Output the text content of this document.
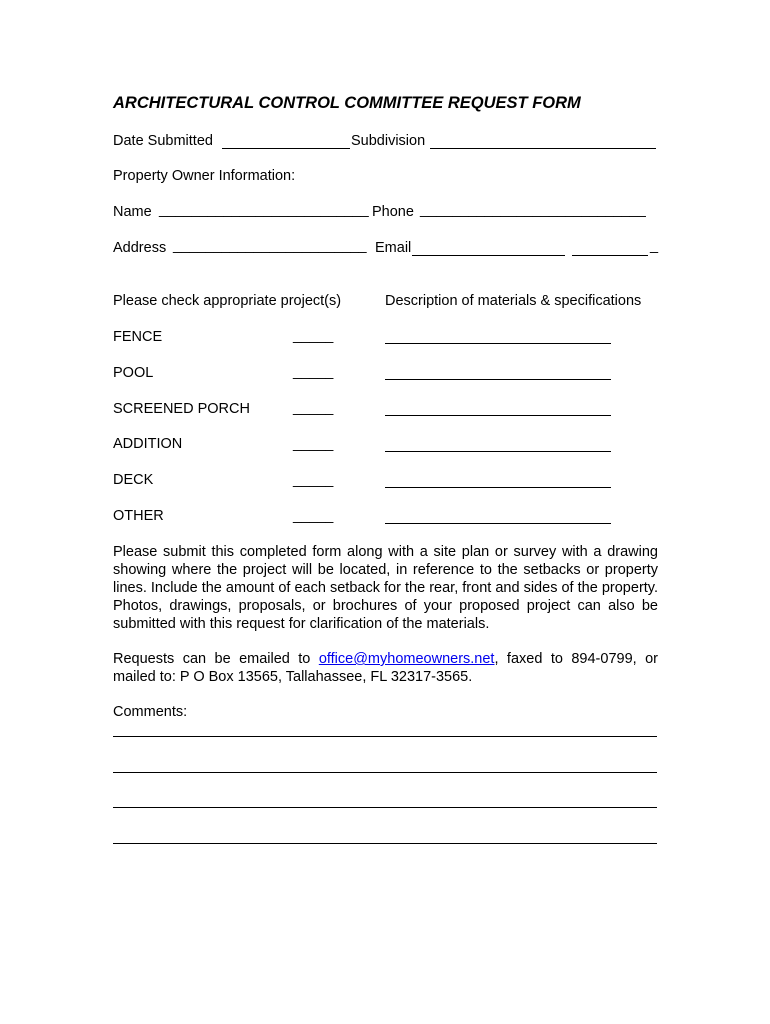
ARCHITECTURAL CONTROL COMMITTEE REQUEST FORM
Date Submitted	Subdivision
Property Owner Information:
Name __________________________ Phone ____________________________
Address ________________________ Email	_
Please check appropriate project(s)	Description of materials & specifications
FENCE	_____
POOL	_____
SCREENED PORCH	_____
ADDITION	_____
DECK	_____
OTHER	_____
Please submit this completed form along with a site plan or survey with a drawing showing where the project will be located, in reference to the setbacks or property lines. Include the amount of each setback for the rear, front and sides of the property. Photos, drawings, proposals, or brochures of your proposed project can also be submitted with this request for clarification of the materials.
Requests can be emailed to office@myhomeowners.net, faxed to 894-0799, or mailed to: P O Box 13565, Tallahassee, FL 32317-3565.
Comments:
